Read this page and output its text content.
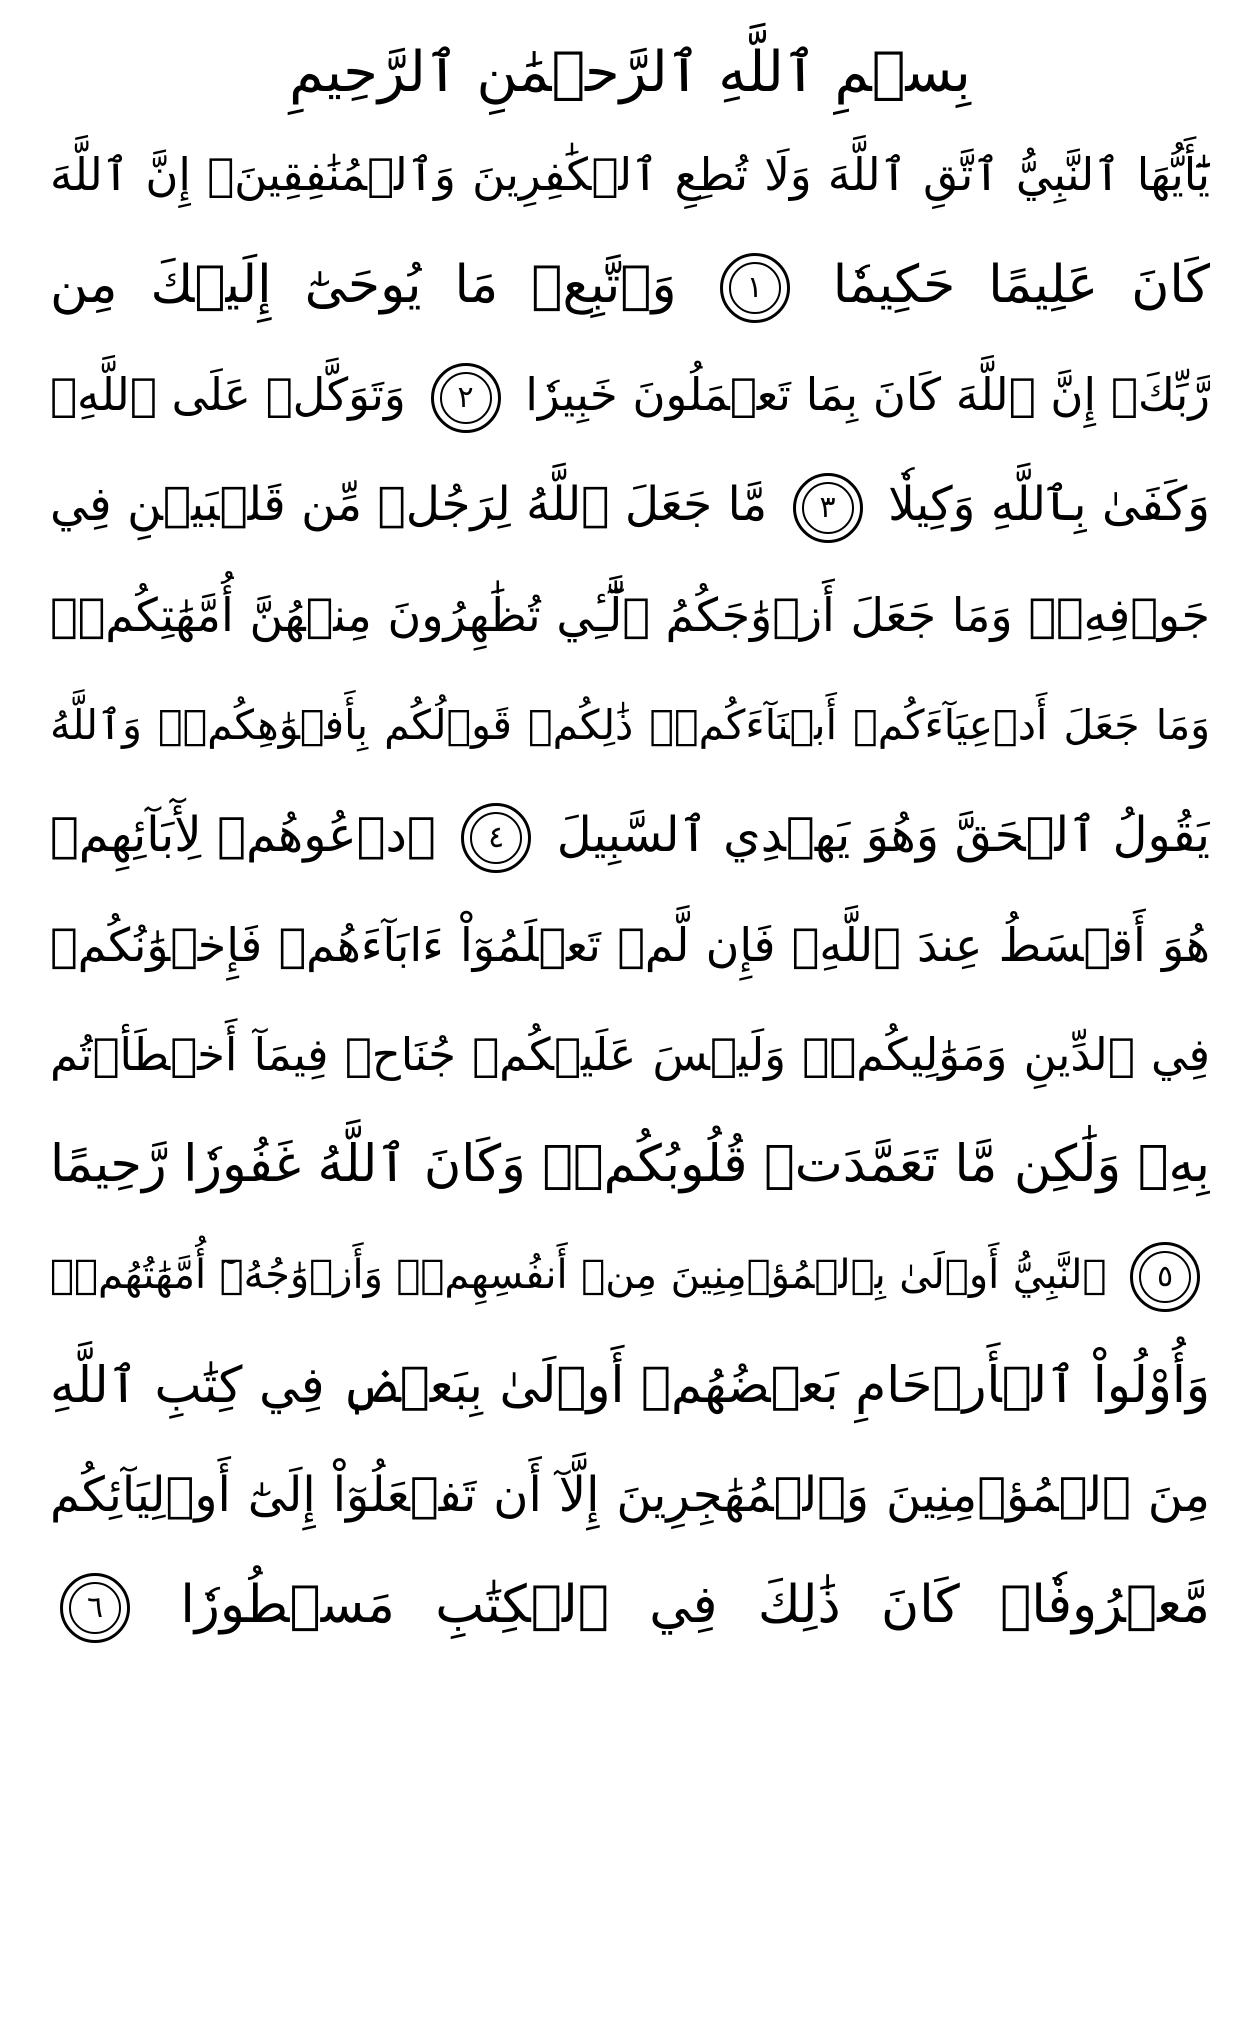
بِسۡمِ ٱللَّهِ ٱلرَّحۡمَٰنِ ٱلرَّحِيمِ
يَٰٓأَيُّهَا ٱلنَّبِيُّ ٱتَّقِ ٱللَّهَ وَلَا تُطِعِ ٱلۡكَٰفِرِينَ وَٱلۡمُنَٰفِقِينَۚ إِنَّ ٱللَّهَ
كَانَ عَلِيمًا حَكِيمٗا
١
وَٱتَّبِعۡ مَا يُوحَىٰٓ إِلَيۡكَ مِن
رَّبِّكَۚ إِنَّ ٱللَّهَ كَانَ بِمَا تَعۡمَلُونَ خَبِيرٗا
٢
وَتَوَكَّلۡ عَلَى ٱللَّهِۚ
وَكَفَىٰ بِٱللَّهِ وَكِيلٗا
٣
مَّا جَعَلَ ٱللَّهُ لِرَجُلٖ مِّن قَلۡبَيۡنِ فِي
جَوۡفِهِۦۚ وَمَا جَعَلَ أَزۡوَٰجَكُمُ ٱلَّٰٓـِٔي تُظَٰهِرُونَ مِنۡهُنَّ أُمَّهَٰتِكُمۡۚ
وَمَا جَعَلَ أَدۡعِيَآءَكُمۡ أَبۡنَآءَكُمۡۚ ذَٰلِكُمۡ قَوۡلُكُم بِأَفۡوَٰهِكُمۡۖ وَٱللَّهُ
يَقُولُ ٱلۡحَقَّ وَهُوَ يَهۡدِي ٱلسَّبِيلَ
٤
ٱدۡعُوهُمۡ لِأٓبَآئِهِمۡ
هُوَ أَقۡسَطُ عِندَ ٱللَّهِۚ فَإِن لَّمۡ تَعۡلَمُوٓاْ ءَابَآءَهُمۡ فَإِخۡوَٰنُكُمۡ
فِي ٱلدِّينِ وَمَوَٰلِيكُمۡۚ وَلَيۡسَ عَلَيۡكُمۡ جُنَاحٞ فِيمَآ أَخۡطَأۡتُم
بِهِۦ وَلَٰكِن مَّا تَعَمَّدَتۡ قُلُوبُكُمۡۚ وَكَانَ ٱللَّهُ غَفُورٗا رَّحِيمًا
٥
ٱلنَّبِيُّ أَوۡلَىٰ بِٱلۡمُؤۡمِنِينَ مِنۡ أَنفُسِهِمۡۖ وَأَزۡوَٰجُهُۥٓ أُمَّهَٰتُهُمۡۗ
وَأُوْلُواْ ٱلۡأَرۡحَامِ بَعۡضُهُمۡ أَوۡلَىٰ بِبَعۡضٖ فِي كِتَٰبِ ٱللَّهِ
مِنَ ٱلۡمُؤۡمِنِينَ وَٱلۡمُهَٰجِرِينَ إِلَّآ أَن تَفۡعَلُوٓاْ إِلَىٰٓ أَوۡلِيَآئِكُم
مَّعۡرُوفٗاۚ كَانَ ذَٰلِكَ فِي ٱلۡكِتَٰبِ مَسۡطُورٗا
٦
